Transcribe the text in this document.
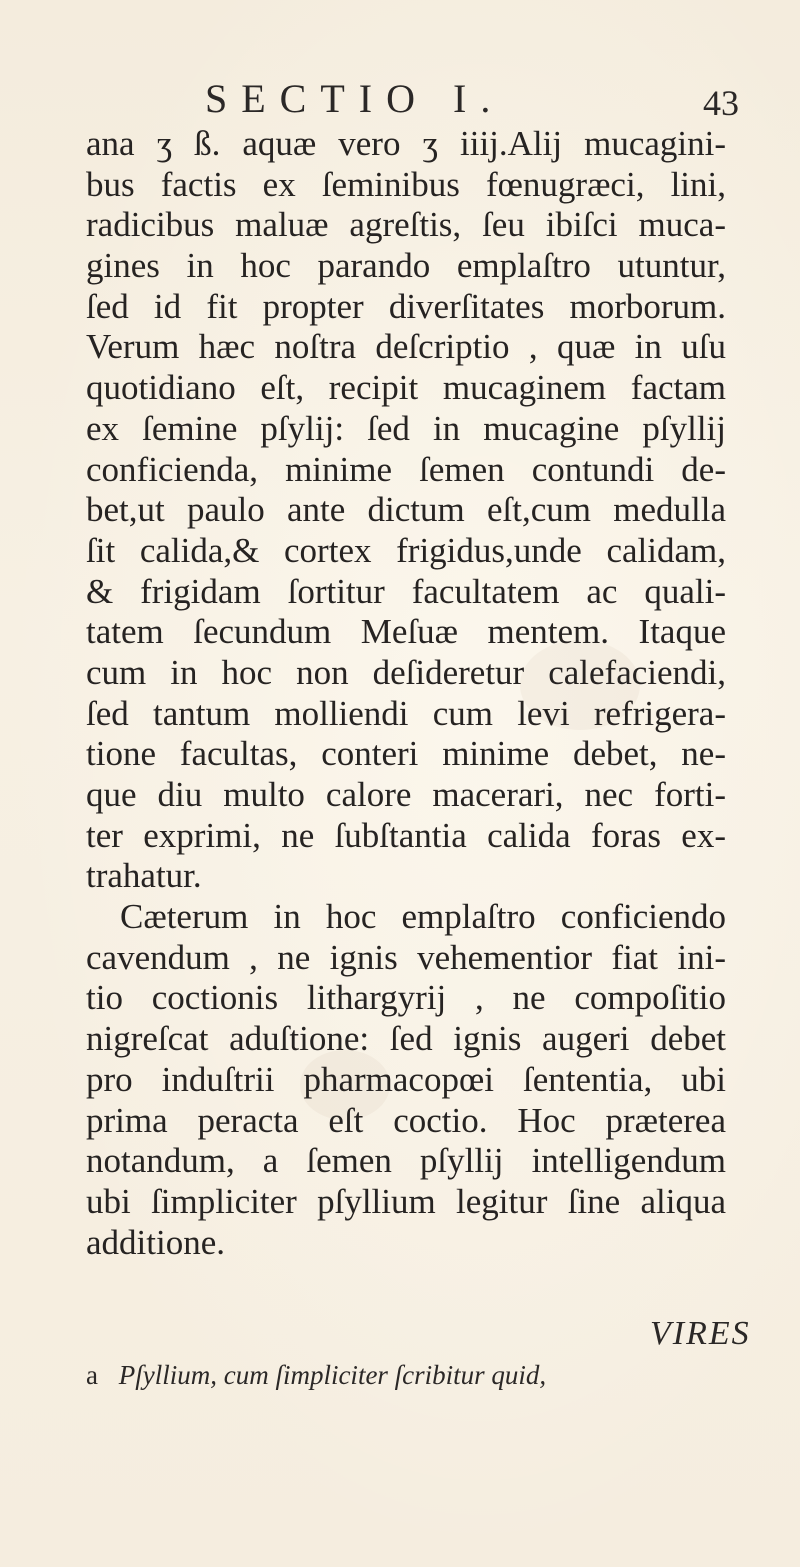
SECTIO I.	43
ana ʒ ß. aquæ vero ʒ iiij.Alij mucagini-
bus factis ex ſeminibus fœnugræci, lini,
radicibus maluæ agreſtis, ſeu ibiſci muca-
gines in hoc parando emplaſtro utuntur,
ſed id fit propter diverſitates morborum.
Verum hæc noſtra deſcriptio , quæ in uſu
quotidiano eſt, recipit mucaginem factam
ex ſemine pſylij: ſed in mucagine pſyllij
conficienda, minime ſemen contundi de-
bet,ut paulo ante dictum eſt,cum medulla
ſit calida,& cortex frigidus,unde calidam,
& frigidam ſortitur facultatem ac quali-
tatem ſecundum Meſuæ mentem. Itaque
cum in hoc non deſideretur calefaciendi,
ſed tantum molliendi cum levi refrigera-
tione facultas, conteri minime debet, ne-
que diu multo calore macerari, nec forti-
ter exprimi, ne ſubſtantia calida foras ex-
trahatur.
Cæterum in hoc emplaſtro conficiendo
cavendum , ne ignis vehementior fiat ini-
tio coctionis lithargyrij , ne compoſitio
nigreſcat aduſtione: ſed ignis augeri debet
pro induſtrii pharmacopœi ſententia, ubi
prima peracta eſt coctio. Hoc præterea
notandum, a ſemen pſyllij intelligendum
ubi ſimpliciter pſyllium legitur ſine aliqua
additione.
VIRES
a Pſyllium, cum ſimpliciter ſcribitur quid,
